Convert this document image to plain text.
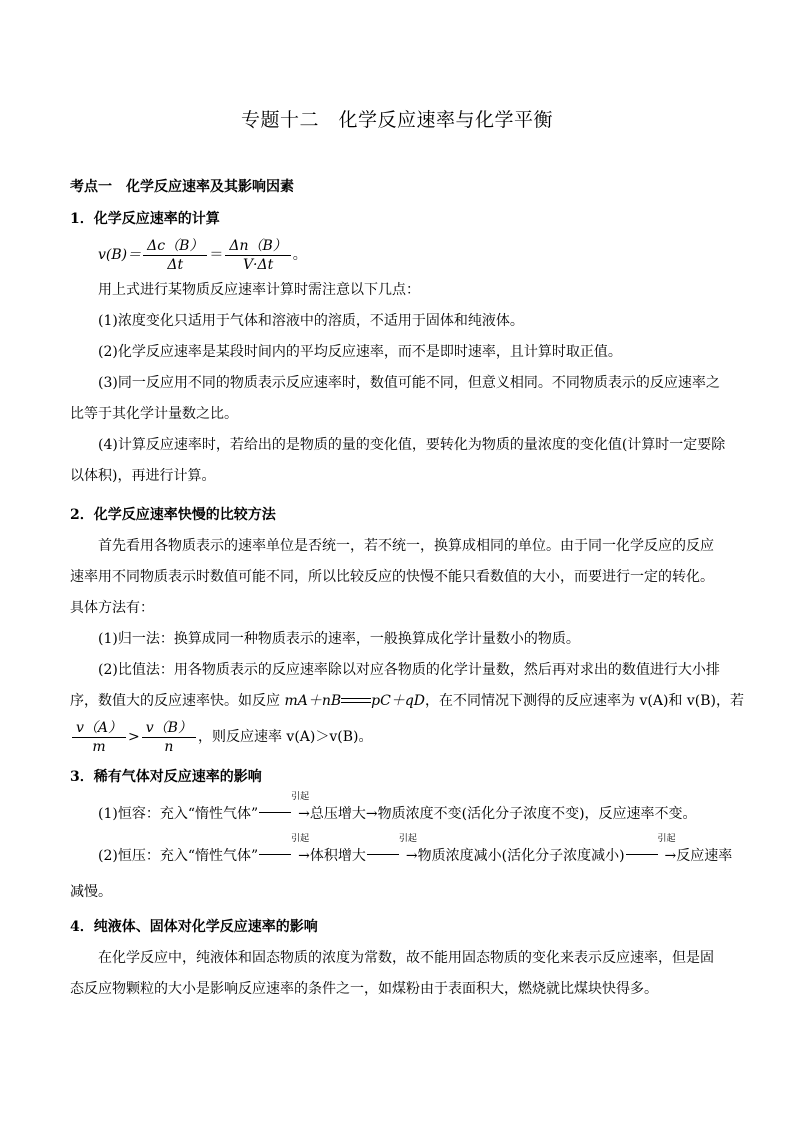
专题十二　化学反应速率与化学平衡
考点一　化学反应速率及其影响因素
1．化学反应速率的计算
$v(B)= \frac{\Delta c(B)}{\Delta t} = \frac{\Delta n(B)}{V\cdot\Delta t}$ 。
用上式进行某物质反应速率计算时需注意以下几点：
(1)浓度变化只适用于气体和溶液中的溶质，不适用于固体和纯液体。
(2)化学反应速率是某段时间内的平均反应速率，而不是即时速率，且计算时取正值。
(3)同一反应用不同的物质表示反应速率时，数值可能不同，但意义相同。不同物质表示的反应速率之
比等于其化学计量数之比。
(4)计算反应速率时，若给出的是物质的量的变化值，要转化为物质的量浓度的变化值(计算时一定要除
以体积)，再进行计算。
2．化学反应速率快慢的比较方法
首先看用各物质表示的速率单位是否统一，若不统一，换算成相同的单位。由于同一化学反应的反应
速率用不同物质表示时数值可能不同，所以比较反应的快慢不能只看数值的大小，而要进行一定的转化。
具体方法有：
(1)归一法：换算成同一种物质表示的速率，一般换算成化学计量数小的物质。
(2)比值法：用各物质表示的反应速率除以对应各物质的化学计量数，然后再对求出的数值进行大小排
序，数值大的反应速率快。如反应 mA＋nB pC＋qD，在不同情况下测得的反应速率为 v(A)和 v(B)，若
$\frac{v(A)}{m} > \frac{v(B)}{n}$ ，则反应速率 v(A)＞v(B)。
3．稀有气体对反应速率的影响
(1)恒容：充入“惰性气体”
引起
→总压增大→物质浓度不变(活化分子浓度不变)，反应速率不变。
(2)恒压：充入“惰性气体”
引起
→体积增大
引起
→物质浓度减小(活化分子浓度减小)
引起
→反应速率
减慢。
4．纯液体、固体对化学反应速率的影响
在化学反应中，纯液体和固态物质的浓度为常数，故不能用固态物质的变化来表示反应速率，但是固
态反应物颗粒的大小是影响反应速率的条件之一，如煤粉由于表面积大，燃烧就比煤块快得多。
